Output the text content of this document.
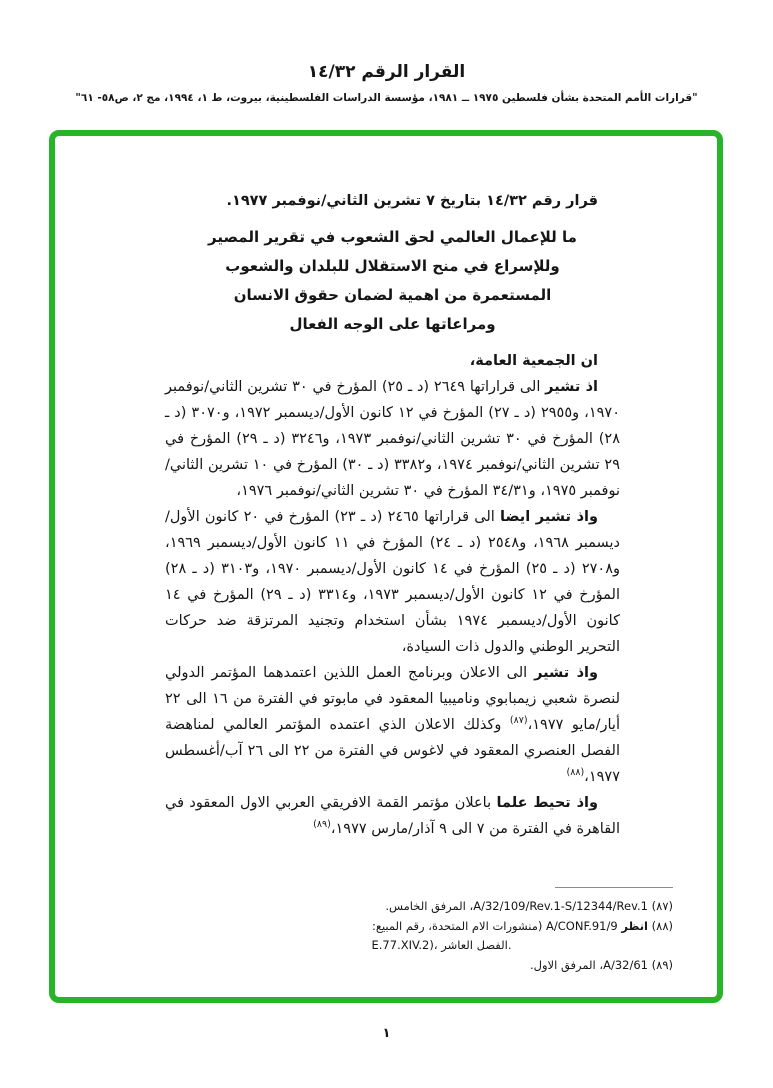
القرار الرقم ١٤/٣٢
"قرارات الأمم المتحدة بشأن فلسطين ١٩٧٥ ــ ١٩٨١، مؤسسة الدراسات الفلسطينية، بيروت، ط ١، ١٩٩٤، مج ٢، ص٥٨- ٦١"

قرار رقم ١٤/٣٢ بتاريخ ٧ تشرين الثاني/نوفمبر ١٩٧٧.

ما للإعمال العالمي لحق الشعوب في تقرير المصير
وللإسراع في منح الاستقلال للبلدان والشعوب
المستعمرة من اهمية لضمان حقوق الانسان
ومراعاتها على الوجه الفعال

ان الجمعية العامة،

اذ تشير الى قراراتها ٢٦٤٩ (د ـ ٢٥) المؤرخ في ٣٠ تشرين الثاني/نوفمبر ١٩٧٠، و٢٩٥٥ (د ـ ٢٧) المؤرخ في ١٢ كانون الأول/ديسمبر ١٩٧٢، و٣٠٧٠ (د ـ ٢٨) المؤرخ في ٣٠ تشرين الثاني/نوفمبر ١٩٧٣، و٣٢٤٦ (د ـ ٢٩) المؤرخ في ٢٩ تشرين الثاني/نوفمبر ١٩٧٤، و٣٣٨٢ (د ـ ٣٠) المؤرخ في ١٠ تشرين الثاني/نوفمبر ١٩٧٥، و٣٤/٣١ المؤرخ في ٣٠ تشرين الثاني/نوفمبر ١٩٧٦،

واذ تشير ايضا الى قراراتها ٢٤٦٥ (د ـ ٢٣) المؤرخ في ٢٠ كانون الأول/ديسمبر ١٩٦٨، و٢٥٤٨ (د ـ ٢٤) المؤرخ في ١١ كانون الأول/ديسمبر ١٩٦٩، و٢٧٠٨ (د ـ ٢٥) المؤرخ في ١٤ كانون الأول/ديسمبر ١٩٧٠، و٣١٠٣ (د ـ ٢٨) المؤرخ في ١٢ كانون الأول/ديسمبر ١٩٧٣، و٣٣١٤ (د ـ ٢٩) المؤرخ في ١٤ كانون الأول/ديسمبر ١٩٧٤ بشأن استخدام وتجنيد المرتزقة ضد حركات التحرير الوطني والدول ذات السيادة،

واذ تشير الى الاعلان وبرنامج العمل اللذين اعتمدهما المؤتمر الدولي لنصرة شعبي زيمبابوي وناميبيا المعقود في مابوتو في الفترة من ١٦ الى ٢٢ أيار/مايو ١٩٧٧،$^{(٨٧)}$ وكذلك الاعلان الذي اعتمده المؤتمر العالمي لمناهضة الفصل العنصري المعقود في لاغوس في الفترة من ٢٢ الى ٢٦ آب/أغسطس ١٩٧٧،$^{(٨٨)}$

واذ تحيط علما باعلان مؤتمر القمة الافريقي العربي الاول المعقود في القاهرة في الفترة من ٧ الى ٩ آذار/مارس ١٩٧٧،$^{(٨٩)}$

(٨٧) A/32/109/Rev.1-S/12344/Rev.1، المرفق الخامس.
(٨٨) انظر A/CONF.91/9 (منشورات الام المتحدة، رقم المبيع:
E.77.XIV.2)، الفصل العاشر.
(٨٩) A/32/61، المرفق الاول.
١
